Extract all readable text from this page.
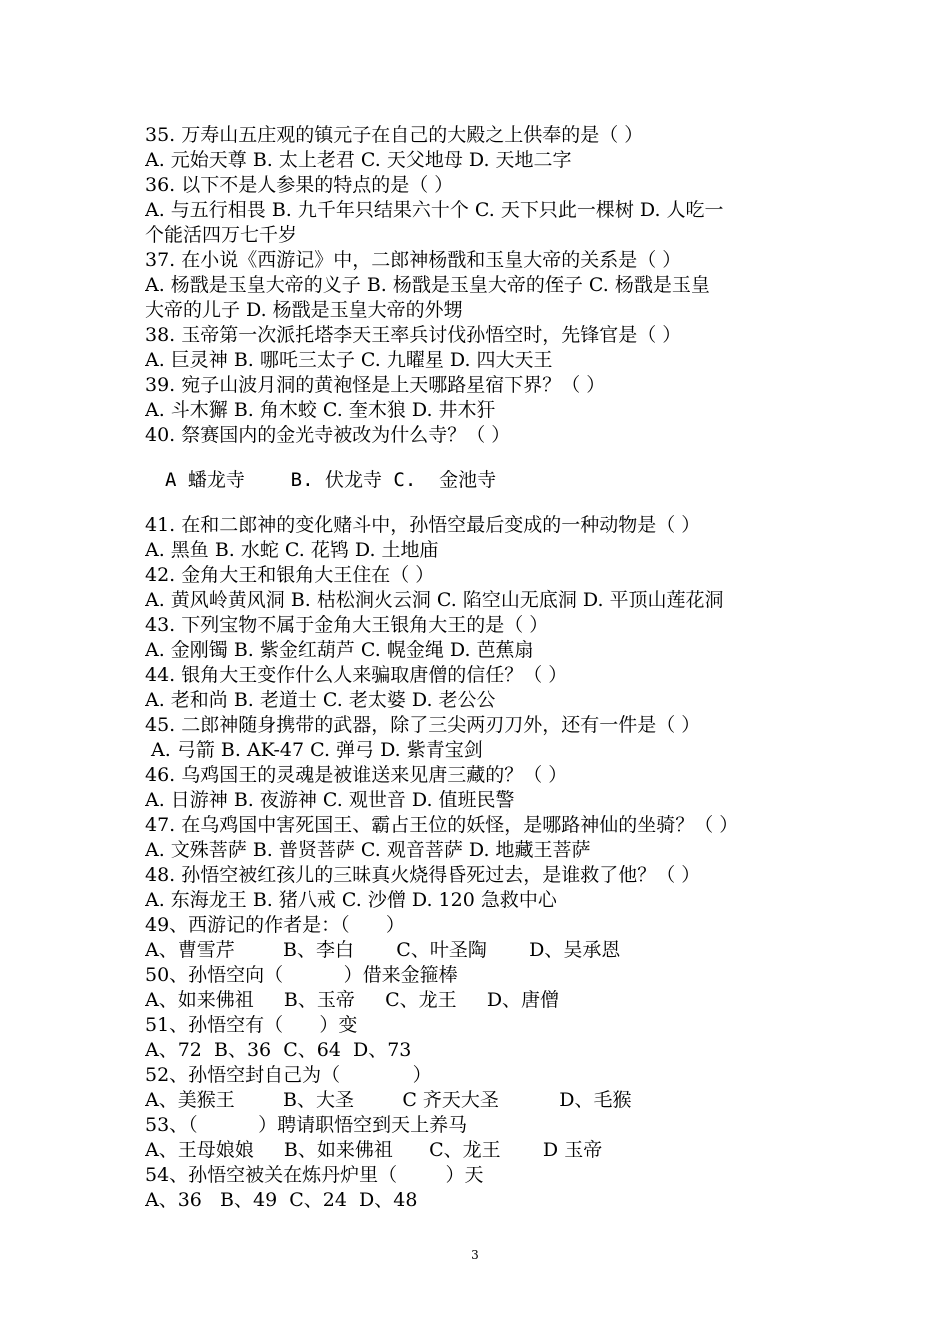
35. 万寿山五庄观的镇元子在自己的大殿之上供奉的是（ ）
A. 元始天尊 B. 太上老君 C. 天父地母 D. 天地二字
36. 以下不是人参果的特点的是（ ）
A. 与五行相畏 B. 九千年只结果六十个 C. 天下只此一棵树 D. 人吃一
个能活四万七千岁
37. 在小说《西游记》中，二郎神杨戬和玉皇大帝的关系是（ ）
A. 杨戬是玉皇大帝的义子 B. 杨戬是玉皇大帝的侄子 C. 杨戬是玉皇
大帝的儿子 D. 杨戬是玉皇大帝的外甥
38. 玉帝第一次派托塔李天王率兵讨伐孙悟空时，先锋官是（ ）
A. 巨灵神 B. 哪吒三太子 C. 九曜星 D. 四大天王
39. 宛子山波月洞的黄袍怪是上天哪路星宿下界？（ ）
A. 斗木獬 B. 角木蛟 C. 奎木狼 D. 井木犴
40. 祭赛国内的金光寺被改为什么寺？（ ）
A 蟠龙寺    B. 伏龙寺 C.  金池寺
41. 在和二郎神的变化赌斗中，孙悟空最后变成的一种动物是（ ）
A. 黑鱼 B. 水蛇 C. 花鸨 D. 土地庙
42. 金角大王和银角大王住在（ ）
A. 黄风岭黄风洞 B. 枯松涧火云洞 C. 陷空山无底洞 D. 平顶山莲花洞
43. 下列宝物不属于金角大王银角大王的是（ ）
A. 金刚镯 B. 紫金红葫芦 C. 幌金绳 D. 芭蕉扇
44. 银角大王变作什么人来骗取唐僧的信任？（ ）
A. 老和尚 B. 老道士 C. 老太婆 D. 老公公
45. 二郎神随身携带的武器，除了三尖两刃刀外，还有一件是（ ）
A. 弓箭 B. AK-47 C. 弹弓 D. 紫青宝剑
46. 乌鸡国王的灵魂是被谁送来见唐三藏的？（ ）
A. 日游神 B. 夜游神 C. 观世音 D. 值班民警
47. 在乌鸡国中害死国王、霸占王位的妖怪，是哪路神仙的坐骑？（ ）
A. 文殊菩萨 B. 普贤菩萨 C. 观音菩萨 D. 地藏王菩萨
48. 孙悟空被红孩儿的三昧真火烧得昏死过去，是谁救了他？（ ）
A. 东海龙王 B. 猪八戒 C. 沙僧 D. 120 急救中心
49、西游记的作者是：（      ）
A、曹雪芹        B、李白       C、叶圣陶       D、吴承恩
50、孙悟空向（          ）借来金箍棒
A、如来佛祖     B、玉帝     C、龙王     D、唐僧
51、孙悟空有（      ）变
A、72  B、36  C、64  D、73
52、孙悟空封自己为（            ）
A、美猴王        B、大圣        C 齐天大圣          D、毛猴
53、（          ）聘请职悟空到天上养马
A、王母娘娘     B、如来佛祖      C、龙王       D 玉帝
54、孙悟空被关在炼丹炉里（        ）天
A、36   B、49  C、24  D、48
3
